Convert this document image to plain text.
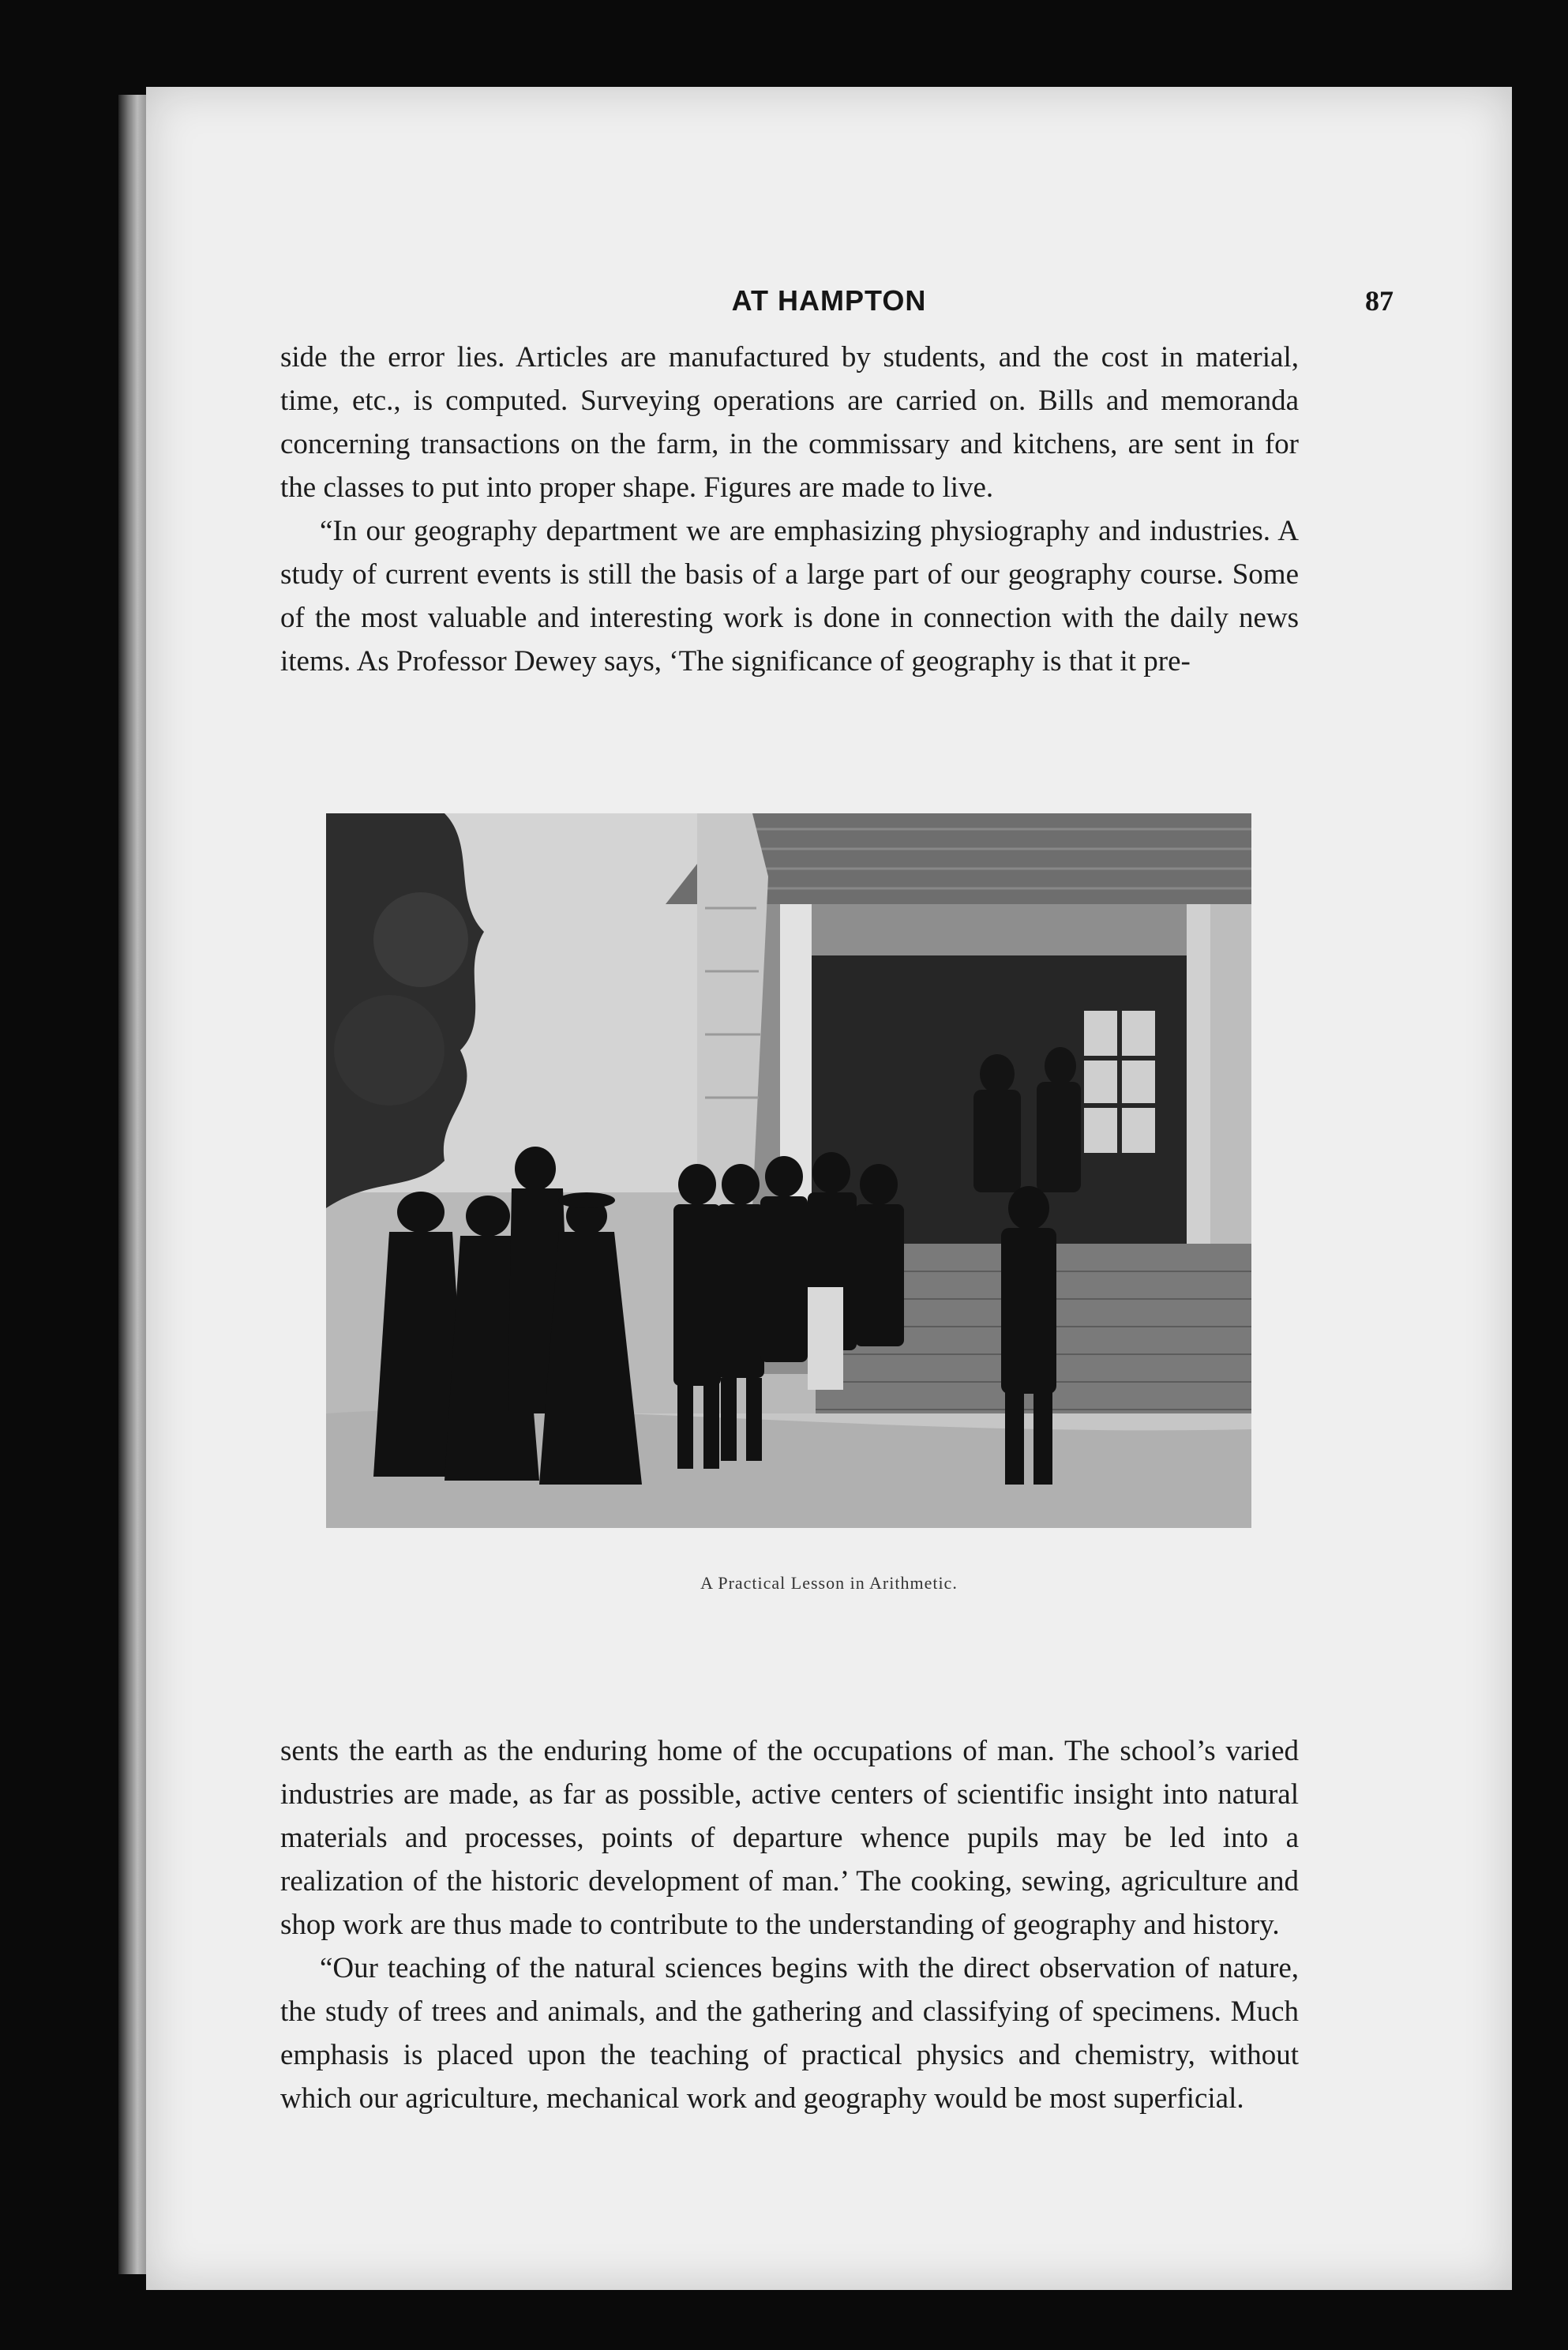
AT HAMPTON	87

side the error lies. Articles are manufactured by students, and the cost in material, time, etc., is computed. Surveying operations are carried on. Bills and memoranda concerning transactions on the farm, in the commissary and kitchens, are sent in for the classes to put into proper shape. Figures are made to live.

“In our geography department we are emphasizing physiography and industries. A study of current events is still the basis of a large part of our geography course. Some of the most valuable and interesting work is done in connection with the daily news items. As Professor Dewey says, ‘The significance of geography is that it pre-

A Practical Lesson in Arithmetic.

sents the earth as the enduring home of the occupations of man. The school’s varied industries are made, as far as possible, active centers of scientific insight into natural materials and processes, points of departure whence pupils may be led into a realization of the historic development of man.’ The cooking, sewing, agriculture and shop work are thus made to contribute to the understanding of geography and history.

“Our teaching of the natural sciences begins with the direct observation of nature, the study of trees and animals, and the gathering and classifying of specimens. Much emphasis is placed upon the teaching of practical physics and chemistry, without which our agriculture, mechanical work and geography would be most superficial.
